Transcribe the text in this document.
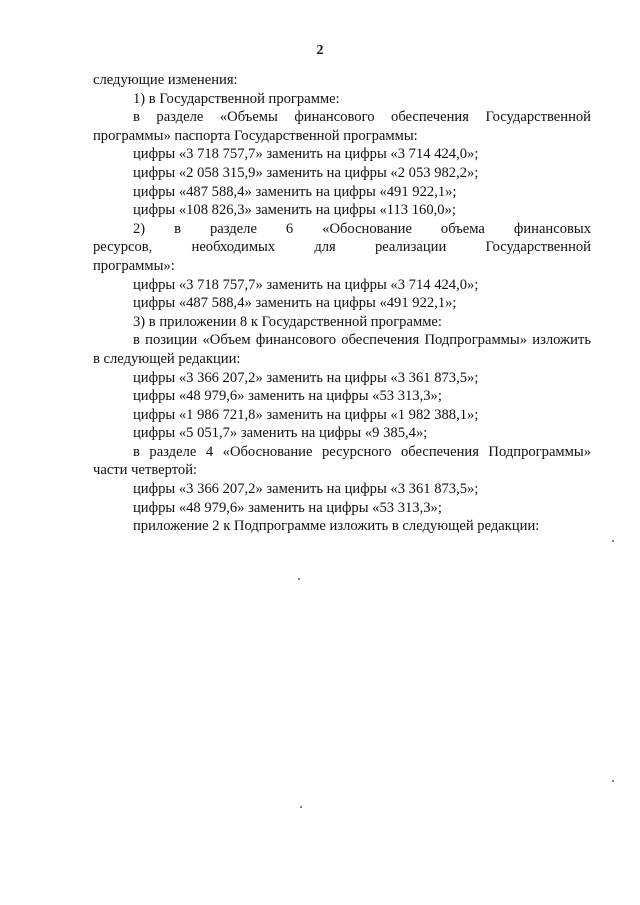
2

следующие изменения:

1) в Государственной программе:

в разделе «Объемы финансового обеспечения Государственной программы» паспорта Государственной программы:

цифры «3 718 757,7» заменить на цифры «3 714 424,0»;

цифры «2 058 315,9» заменить на цифры «2 053 982,2»;

цифры «487 588,4» заменить на цифры «491 922,1»;

цифры «108 826,3» заменить на цифры «113 160,0»;

2) в разделе 6 «Обоснование объема финансовых ресурсов, необходимых для реализации Государственной программы»:

цифры «3 718 757,7» заменить на цифры «3 714 424,0»;

цифры «487 588,4» заменить на цифры «491 922,1»;

3) в приложении 8 к Государственной программе:

в позиции «Объем финансового обеспечения Подпрограммы» изложить в следующей редакции:

цифры «3 366 207,2» заменить на цифры «3 361 873,5»;

цифры «48 979,6» заменить на цифры «53 313,3»;

цифры «1 986 721,8» заменить на цифры «1 982 388,1»;

цифры «5 051,7» заменить на цифры «9 385,4»;

в разделе 4 «Обоснование ресурсного обеспечения Подпрограммы» части четвертой:

цифры «3 366 207,2» заменить на цифры «3 361 873,5»;

цифры «48 979,6» заменить на цифры «53 313,3»;

приложение 2 к Подпрограмме изложить в следующей редакции:
